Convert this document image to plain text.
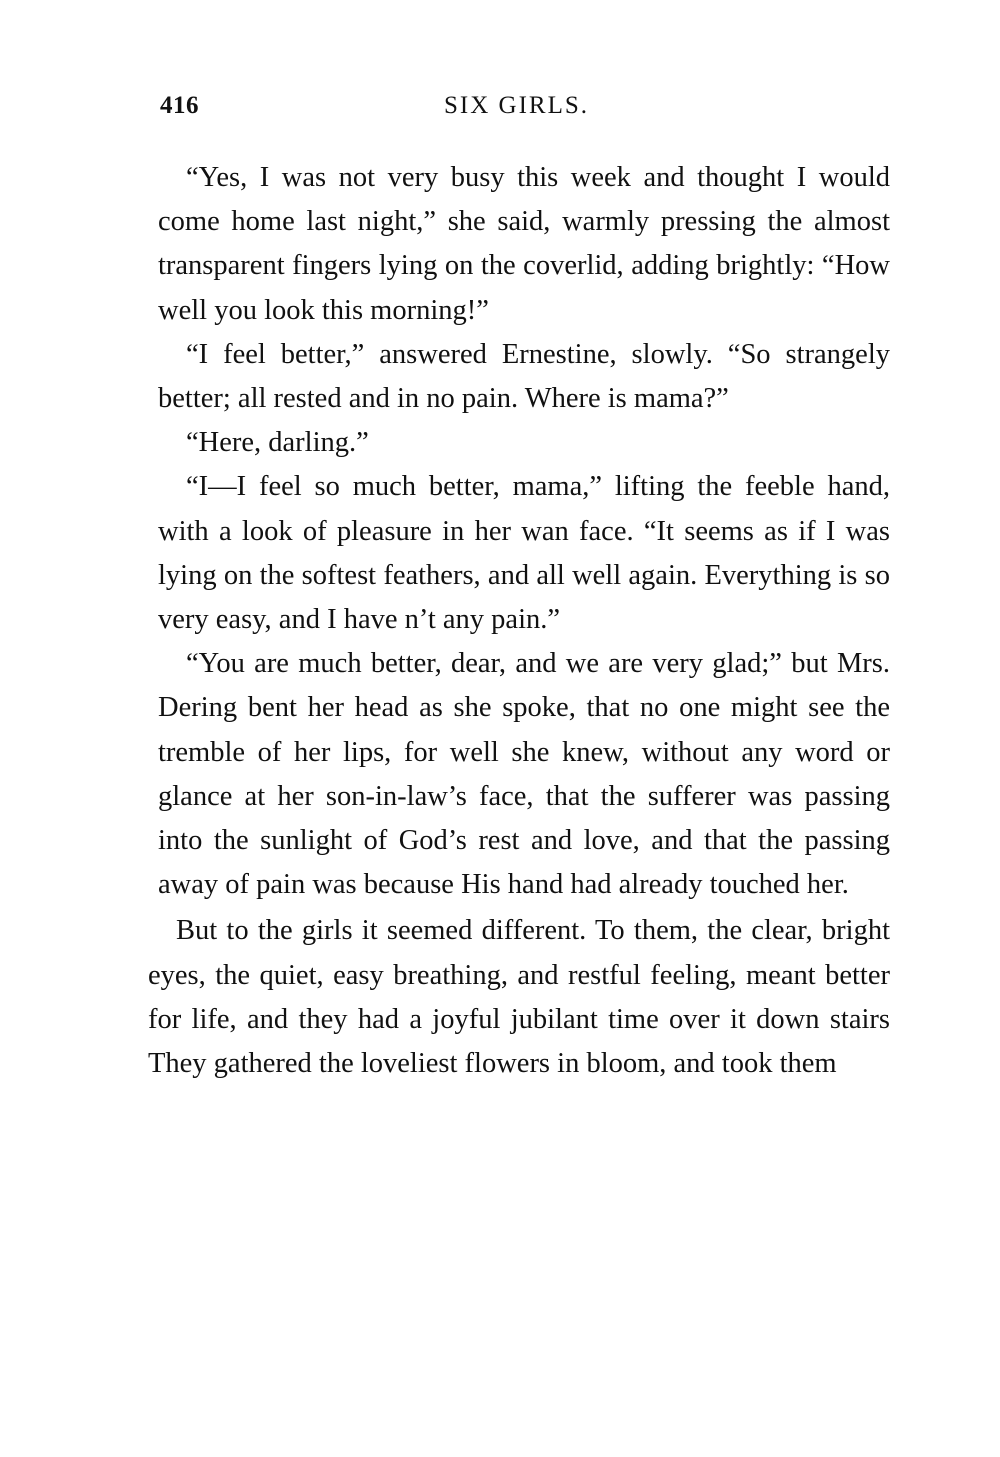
416	SIX GIRLS.

“Yes, I was not very busy this week and thought I would come home last night,” she said, warmly pressing the almost transparent fingers lying on the coverlid, adding brightly: “How well you look this morning!”

“I feel better,” answered Ernestine, slowly. “So strangely better; all rested and in no pain. Where is mama?”

“Here, darling.”

“I—I feel so much better, mama,” lifting the feeble hand, with a look of pleasure in her wan face. “It seems as if I was lying on the softest feathers, and all well again. Everything is so very easy, and I have n’t any pain.”

“You are much better, dear, and we are very glad;” but Mrs. Dering bent her head as she spoke, that no one might see the tremble of her lips, for well she knew, without any word or glance at her son-in-law’s face, that the sufferer was passing into the sunlight of God’s rest and love, and that the passing away of pain was because His hand had already touched her.

But to the girls it seemed different. To them, the clear, bright eyes, the quiet, easy breathing, and restful feeling, meant better for life, and they had a joyful jubilant time over it down stairs They gathered the loveliest flowers in bloom, and took them
